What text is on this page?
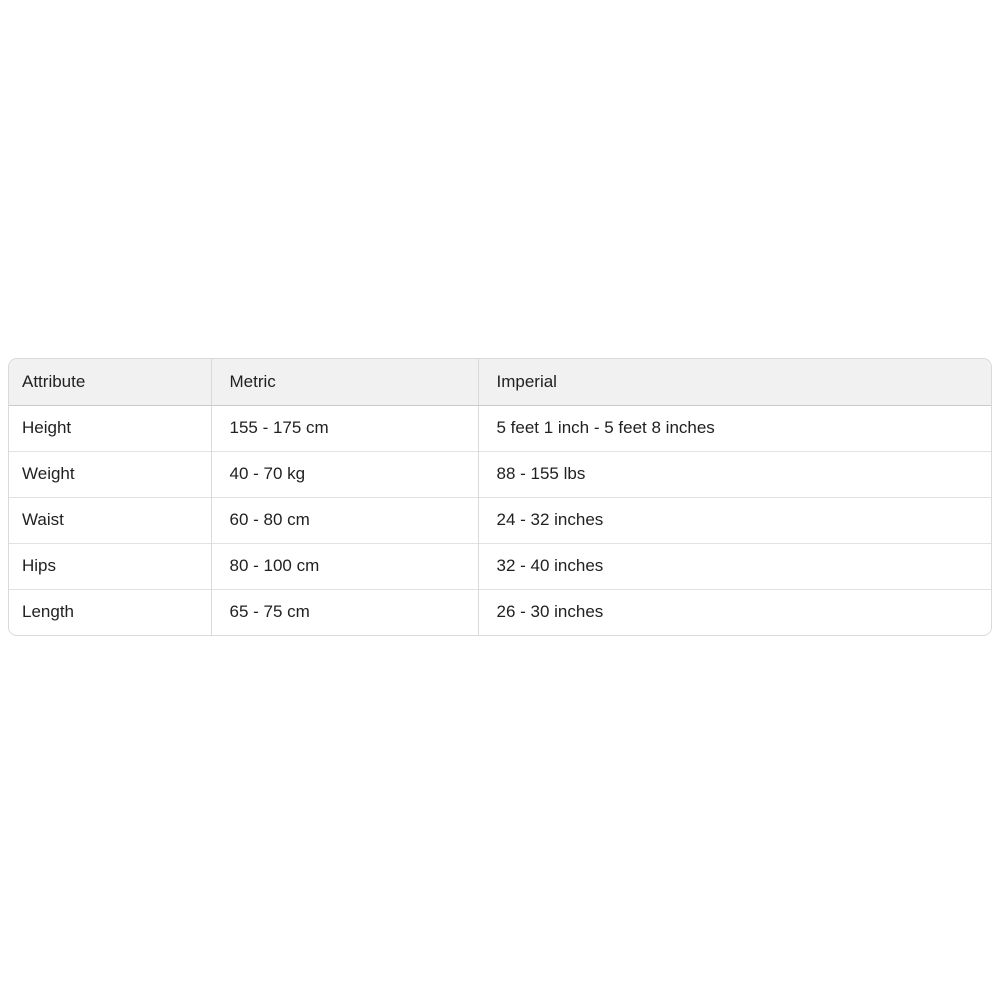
Attribute	Metric	Imperial
Height	155 - 175 cm	5 feet 1 inch - 5 feet 8 inches
Weight	40 - 70 kg	88 - 155 lbs
Waist	60 - 80 cm	24 - 32 inches
Hips	80 - 100 cm	32 - 40 inches
Length	65 - 75 cm	26 - 30 inches
